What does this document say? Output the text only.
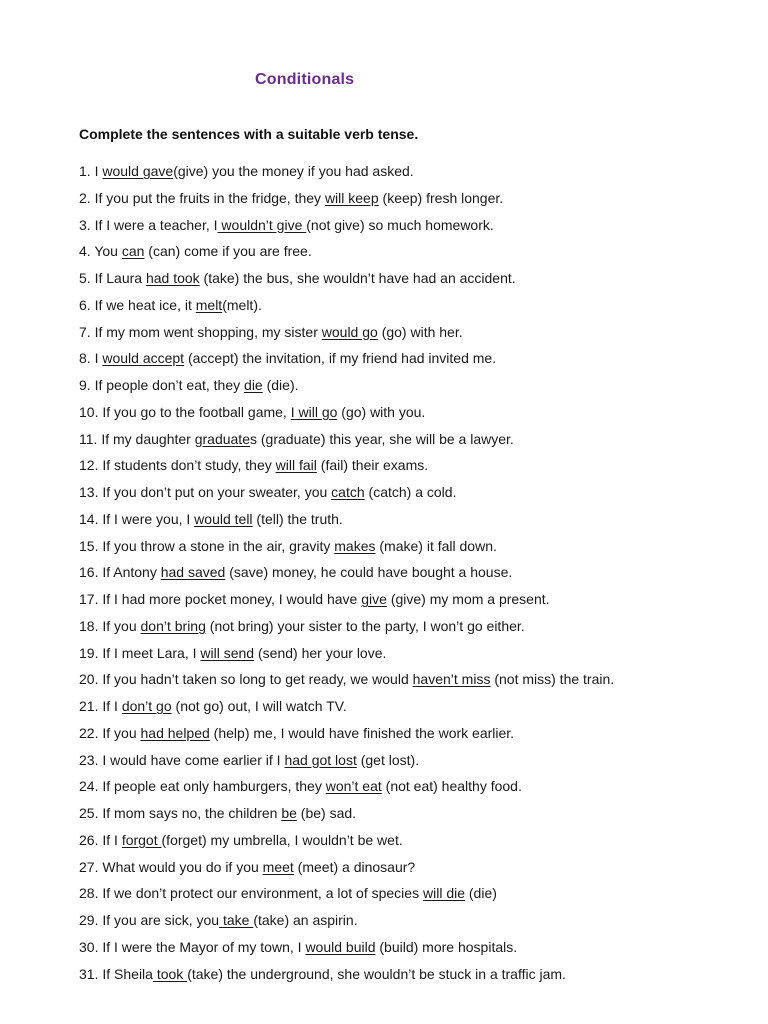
Conditionals
Complete the sentences with a suitable verb tense.
1. I would gave(give) you the money if you had asked.
2. If you put the fruits in the fridge, they will keep (keep) fresh longer.
3. If I were a teacher, I wouldn’t give (not give) so much homework.
4. You can (can) come if you are free.
5. If Laura had took (take) the bus, she wouldn’t have had an accident.
6. If we heat ice, it melt(melt).
7. If my mom went shopping, my sister would go (go) with her.
8. I would accept (accept) the invitation, if my friend had invited me.
9. If people don’t eat, they die (die).
10. If you go to the football game, I will go (go) with you.
11. If my daughter graduates (graduate) this year, she will be a lawyer.
12. If students don’t study, they will fail (fail) their exams.
13. If you don’t put on your sweater, you catch (catch) a cold.
14. If I were you, I would tell (tell) the truth.
15. If you throw a stone in the air, gravity makes (make) it fall down.
16. If Antony had saved (save) money, he could have bought a house.
17. If I had more pocket money, I would have give (give) my mom a present.
18. If you don’t bring (not bring) your sister to the party, I won’t go either.
19. If I meet Lara, I will send (send) her your love.
20. If you hadn’t taken so long to get ready, we would haven’t miss (not miss) the train.
21. If I don’t go (not go) out, I will watch TV.
22. If you had helped (help) me, I would have finished the work earlier.
23. I would have come earlier if I had got lost (get lost).
24. If people eat only hamburgers, they won’t eat (not eat) healthy food.
25. If mom says no, the children be (be) sad.
26. If I forgot (forget) my umbrella, I wouldn’t be wet.
27. What would you do if you meet (meet) a dinosaur?
28. If we don’t protect our environment, a lot of species will die (die)
29. If you are sick, you take (take) an aspirin.
30. If I were the Mayor of my town, I would build (build) more hospitals.
31. If Sheila took (take) the underground, she wouldn’t be stuck in a traffic jam.
